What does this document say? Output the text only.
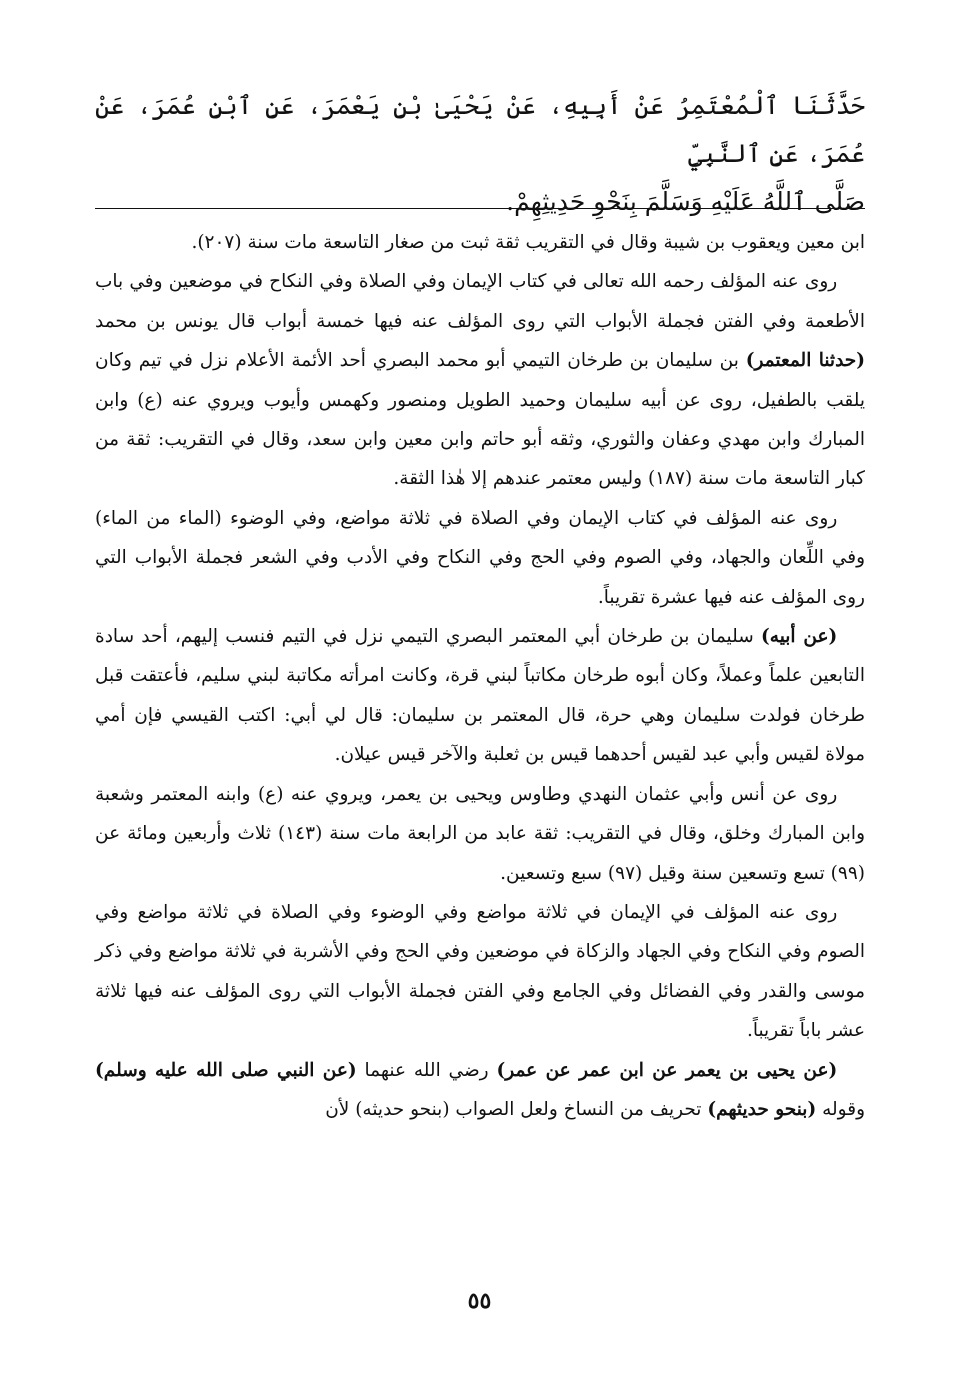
حَدَّثَنَا ٱلْمُعْتَمِرُ عَنْ أَبِيهِ، عَنْ يَحْيَىٰ بْنِ يَعْمَرَ، عَنِ ٱبْنِ عُمَرَ، عَنْ عُمَرَ، عَنِ ٱلنَّبِيِّ

صَلَّى ٱللَّهُ عَلَيْهِ وَسَلَّمَ بِنَحْوِ حَدِيثِهِمْ.

ابن معين ويعقوب بن شيبة وقال في التقريب ثقة ثبت من صغار التاسعة مات سنة (٢٠٧).

روى عنه المؤلف رحمه الله تعالى في كتاب الإيمان وفي الصلاة وفي النكاح في موضعين وفي باب الأطعمة وفي الفتن فجملة الأبواب التي روى المؤلف عنه فيها خمسة أبواب قال يونس بن محمد (حدثنا المعتمر) بن سليمان بن طرخان التيمي أبو محمد البصري أحد الأئمة الأعلام نزل في تيم وكان يلقب بالطفيل، روى عن أبيه سليمان وحميد الطويل ومنصور وكهمس وأيوب ويروي عنه (ع) وابن المبارك وابن مهدي وعفان والثوري، وثقه أبو حاتم وابن معين وابن سعد، وقال في التقريب: ثقة من كبار التاسعة مات سنة (١٨٧) وليس معتمر عندهم إلا هٰذا الثقة.

روى عنه المؤلف في كتاب الإيمان وفي الصلاة في ثلاثة مواضع، وفي الوضوء (الماء من الماء) وفي اللِّعان والجهاد، وفي الصوم وفي الحج وفي النكاح وفي الأدب وفي الشعر فجملة الأبواب التي روى المؤلف عنه فيها عشرة تقريباً.

(عن أبيه) سليمان بن طرخان أبي المعتمر البصري التيمي نزل في التيم فنسب إليهم، أحد سادة التابعين علماً وعملاً، وكان أبوه طرخان مكاتباً لبني قرة، وكانت امرأته مكاتبة لبني سليم، فأعتقت قبل طرخان فولدت سليمان وهي حرة، قال المعتمر بن سليمان: قال لي أبي: اكتب القيسي فإن أمي مولاة لقيس وأبي عبد لقيس أحدهما قيس بن ثعلبة والآخر قيس عيلان.

روى عن أنس وأبي عثمان النهدي وطاوس ويحيى بن يعمر، ويروي عنه (ع) وابنه المعتمر وشعبة وابن المبارك وخلق، وقال في التقريب: ثقة عابد من الرابعة مات سنة (١٤٣) ثلاث وأربعين ومائة عن (٩٩) تسع وتسعين سنة وقيل (٩٧) سبع وتسعين.

روى عنه المؤلف في الإيمان في ثلاثة مواضع وفي الوضوء وفي الصلاة في ثلاثة مواضع وفي الصوم وفي النكاح وفي الجهاد والزكاة في موضعين وفي الحج وفي الأشربة في ثلاثة مواضع وفي ذكر موسى والقدر وفي الفضائل وفي الجامع وفي الفتن فجملة الأبواب التي روى المؤلف عنه فيها ثلاثة عشر باباً تقريباً.

(عن يحيى بن يعمر عن ابن عمر عن عمر) رضي الله عنهما (عن النبي صلى الله عليه وسلم) وقوله (بنحو حديثهم) تحريف من النساخ ولعل الصواب (بنحو حديثه) لأن

٥٥
